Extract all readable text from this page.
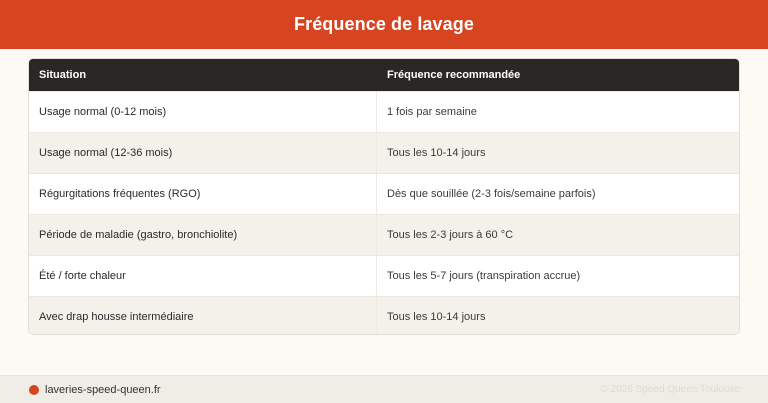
Fréquence de lavage
Situation	Fréquence recommandée
Usage normal (0-12 mois)	1 fois par semaine
Usage normal (12-36 mois)	Tous les 10-14 jours
Régurgitations fréquentes (RGO)	Dès que souillée (2-3 fois/semaine parfois)
Période de maladie (gastro, bronchiolite)	Tous les 2-3 jours à 60 °C
Été / forte chaleur	Tous les 5-7 jours (transpiration accrue)
Avec drap housse intermédiaire	Tous les 10-14 jours
laveries-speed-queen.fr	© 2026 Speed Queen Toulouse
